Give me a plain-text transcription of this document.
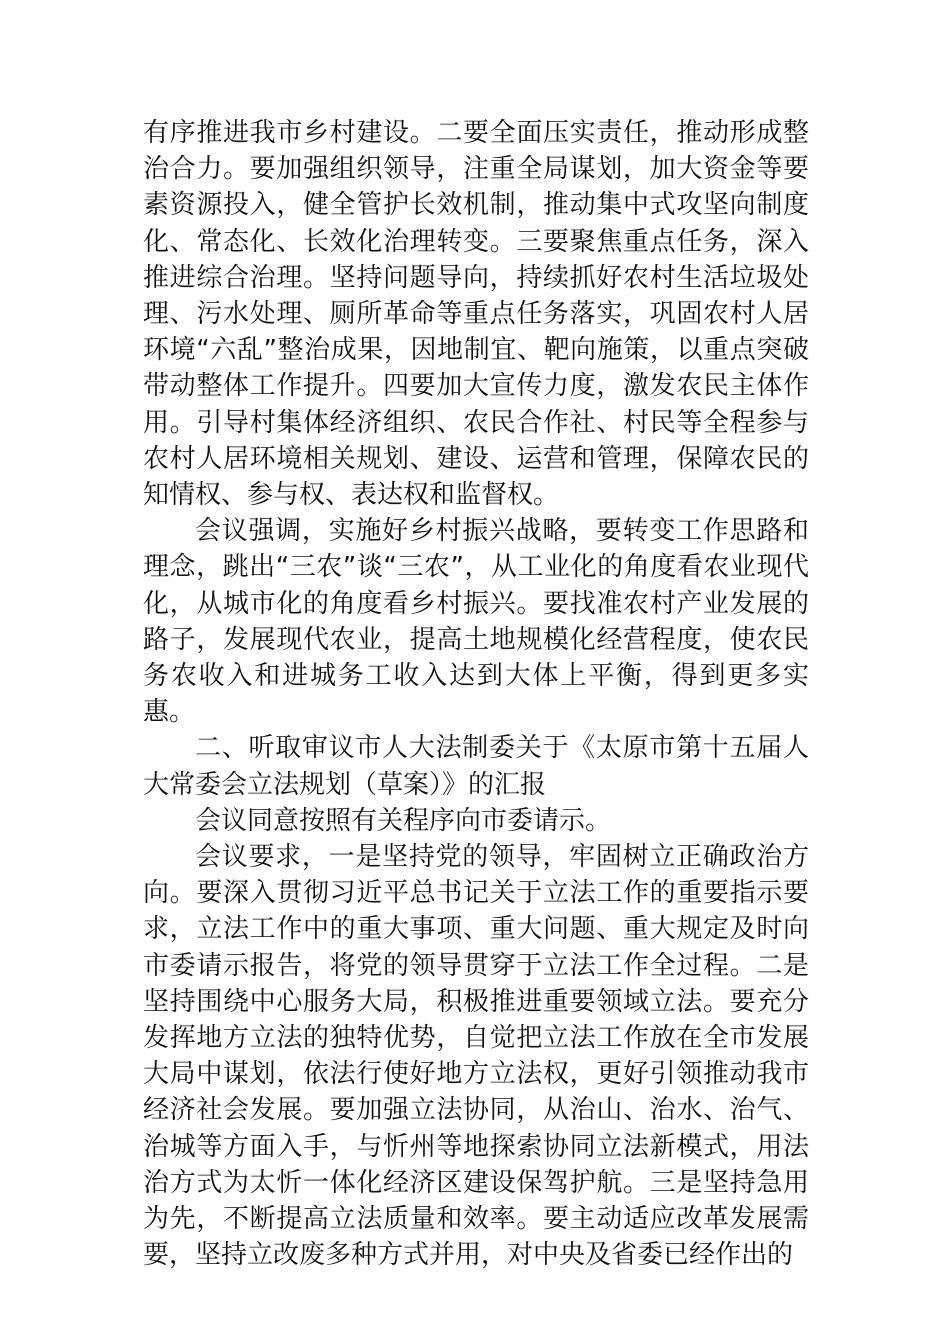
有序推进我市乡村建设。二要全面压实责任，推动形成整治合力。要加强组织领导，注重全局谋划，加大资金等要素资源投入，健全管护长效机制，推动集中式攻坚向制度化、常态化、长效化治理转变。三要聚焦重点任务，深入推进综合治理。坚持问题导向，持续抓好农村生活垃圾处理、污水处理、厕所革命等重点任务落实，巩固农村人居环境“六乱”整治成果，因地制宜、靶向施策，以重点突破带动整体工作提升。四要加大宣传力度，激发农民主体作用。引导村集体经济组织、农民合作社、村民等全程参与农村人居环境相关规划、建设、运营和管理，保障农民的知情权、参与权、表达权和监督权。

会议强调，实施好乡村振兴战略，要转变工作思路和理念，跳出“三农”谈“三农”，从工业化的角度看农业现代化，从城市化的角度看乡村振兴。要找准农村产业发展的路子，发展现代农业，提高土地规模化经营程度，使农民务农收入和进城务工收入达到大体上平衡，得到更多实惠。

二、听取审议市人大法制委关于《太原市第十五届人大常委会立法规划（草案）》的汇报

会议同意按照有关程序向市委请示。

会议要求，一是坚持党的领导，牢固树立正确政治方向。要深入贯彻习近平总书记关于立法工作的重要指示要求，立法工作中的重大事项、重大问题、重大规定及时向市委请示报告，将党的领导贯穿于立法工作全过程。二是坚持围绕中心服务大局，积极推进重要领域立法。要充分发挥地方立法的独特优势，自觉把立法工作放在全市发展大局中谋划，依法行使好地方立法权，更好引领推动我市经济社会发展。要加强立法协同，从治山、治水、治气、治城等方面入手，与忻州等地探索协同立法新模式，用法治方式为太忻一体化经济区建设保驾护航。三是坚持急用为先，不断提高立法质量和效率。要主动适应改革发展需要，坚持立改废多种方式并用，对中央及省委已经作出的
